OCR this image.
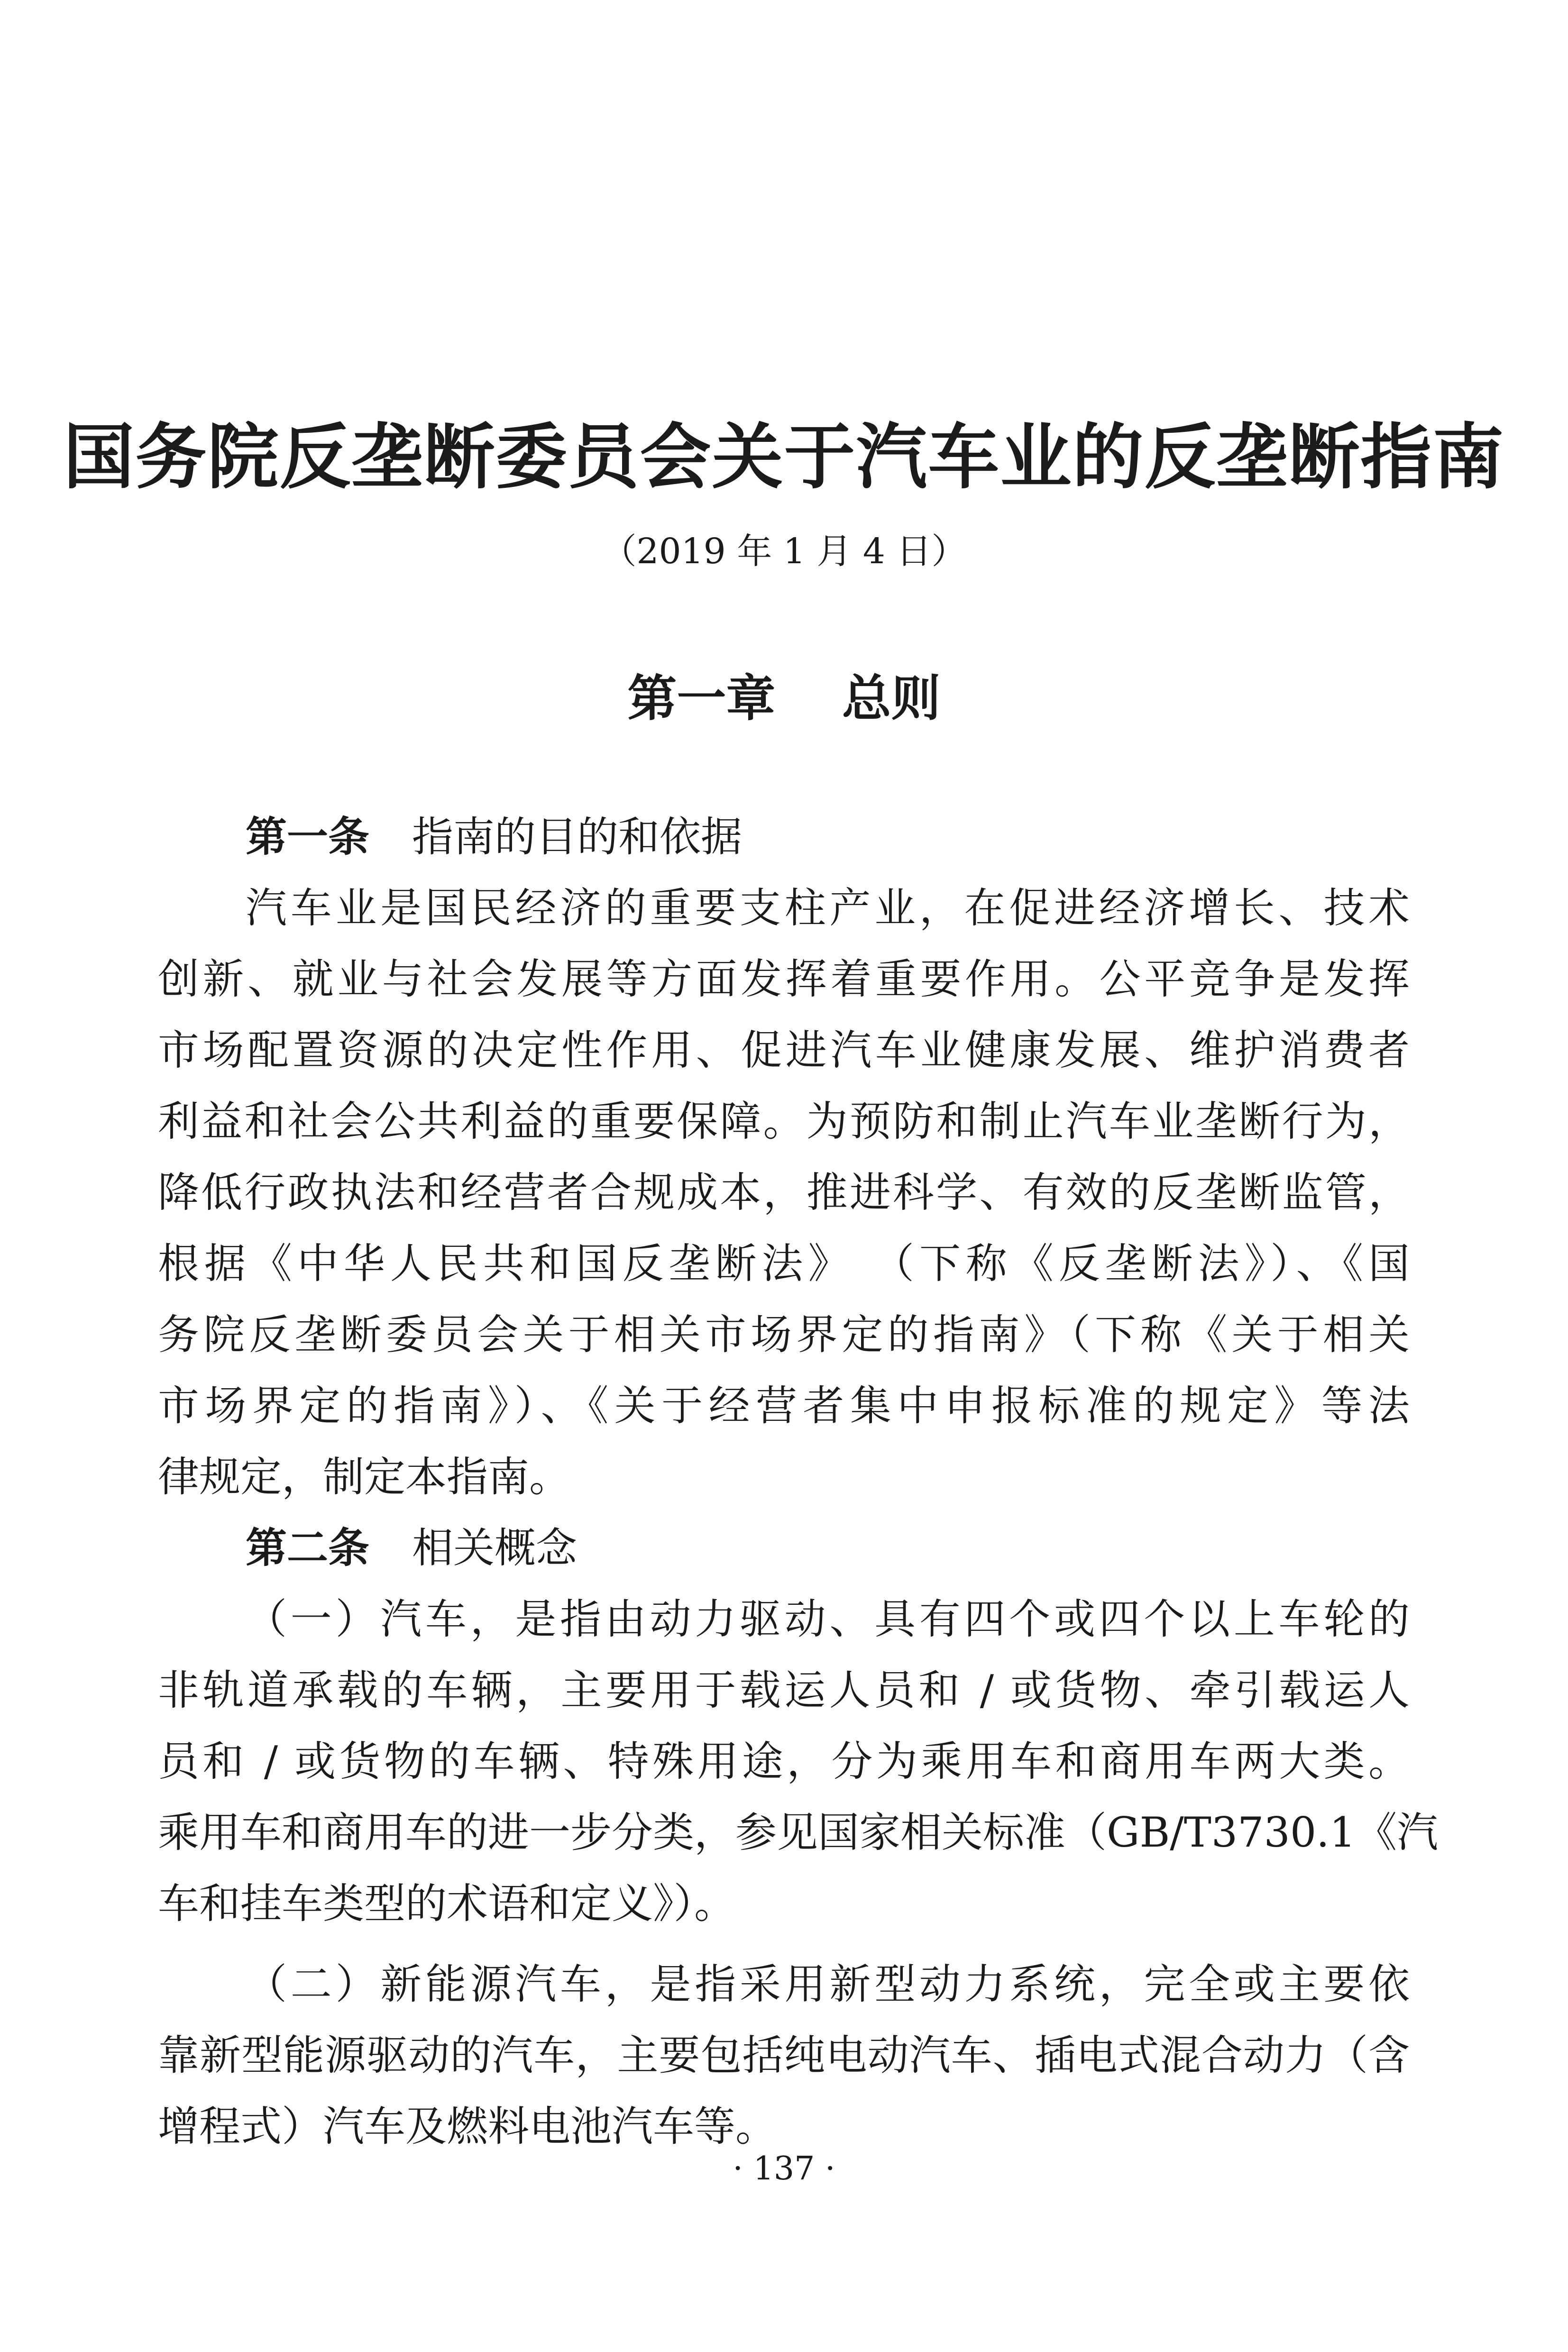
国务院反垄断委员会关于汽车业的反垄断指南
（2019 年 1 月 4 日）
第一章　 总则
第一条 指南的目的和依据
汽车业是国民经济的重要支柱产业，在促进经济增长、技术
创新、就业与社会发展等方面发挥着重要作用。公平竞争是发挥
市场配置资源的决定性作用、促进汽车业健康发展、维护消费者
利益和社会公共利益的重要保障。为预防和制止汽车业垄断行为，
降低行政执法和经营者合规成本，推进科学、有效的反垄断监管，
根据《中华人民共和国反垄断法》 （下称《反垄断法》）、《国
务院反垄断委员会关于相关市场界定的指南》（下称《关于相关
市场界定的指南》）、《关于经营者集中申报标准的规定》等法
律规定，制定本指南。
第二条 相关概念
（一）汽车，是指由动力驱动、具有四个或四个以上车轮的
非轨道承载的车辆，主要用于载运人员和 / 或货物、牵引载运人
员和 / 或货物的车辆、特殊用途，分为乘用车和商用车两大类。
乘用车和商用车的进一步分类，参见国家相关标准（GB/T3730.1《汽
车和挂车类型的术语和定义》）。
（二）新能源汽车，是指采用新型动力系统，完全或主要依
靠新型能源驱动的汽车，主要包括纯电动汽车、插电式混合动力（含
增程式）汽车及燃料电池汽车等。
· 137 ·
